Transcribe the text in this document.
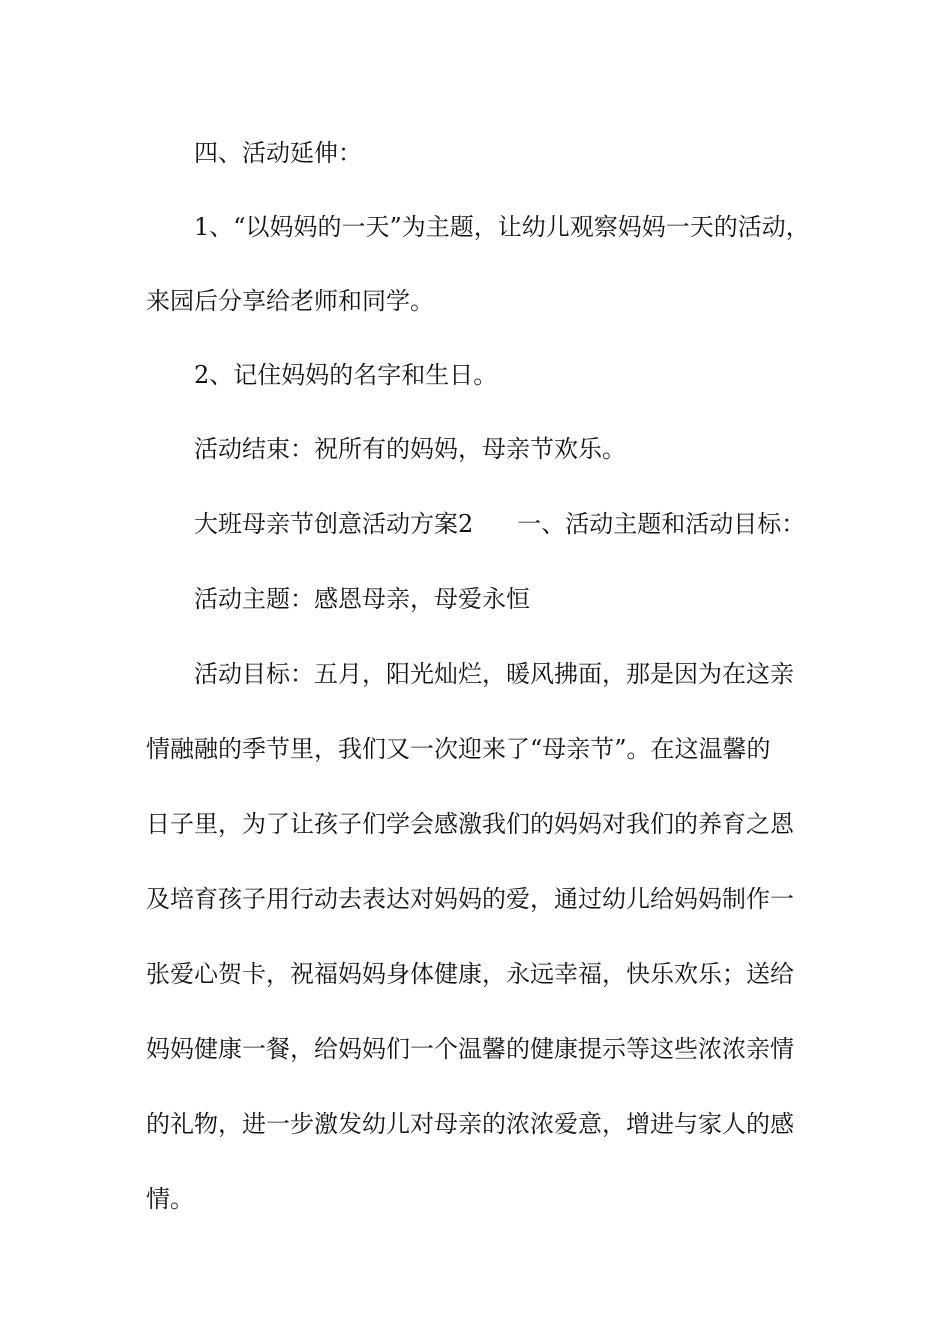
四、活动延伸：
1、“以妈妈的一天”为主题，让幼儿观察妈妈一天的活动，
来园后分享给老师和同学。
2、记住妈妈的名字和生日。
活动结束：祝所有的妈妈，母亲节欢乐。
大班母亲节创意活动方案2 一、活动主题和活动目标：
活动主题：感恩母亲，母爱永恒
活动目标：五月，阳光灿烂，暖风拂面，那是因为在这亲
情融融的季节里，我们又一次迎来了“母亲节”。在这温馨的
日子里，为了让孩子们学会感激我们的妈妈对我们的养育之恩
及培育孩子用行动去表达对妈妈的爱，通过幼儿给妈妈制作一
张爱心贺卡，祝福妈妈身体健康，永远幸福，快乐欢乐；送给
妈妈健康一餐，给妈妈们一个温馨的健康提示等这些浓浓亲情
的礼物，进一步激发幼儿对母亲的浓浓爱意，增进与家人的感
情。
